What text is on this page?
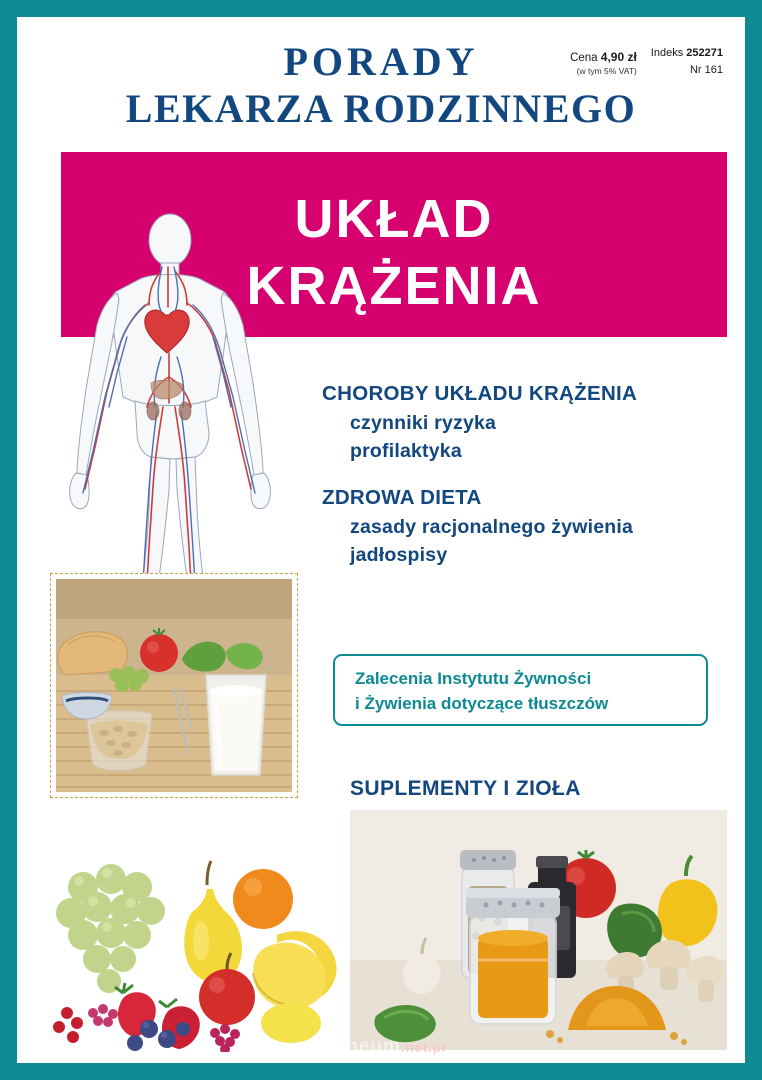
Cena 4,90 zł
(w tym 5% VAT)
Indeks 252271
Nr 161
PORADY
LEKARZA RODZINNEGO
UKŁAD
KRĄŻENIA
CHOROBY UKŁADU KRĄŻENIA
czynniki ryzyka
profilaktyka
ZDROWA DIETA
zasady racjonalnego żywienia
jadłospisy
Zalecenia Instytutu Żywności
i Żywienia dotyczące tłuszczów
SUPLEMENTY I ZIOŁA
ateneum.net.pl
